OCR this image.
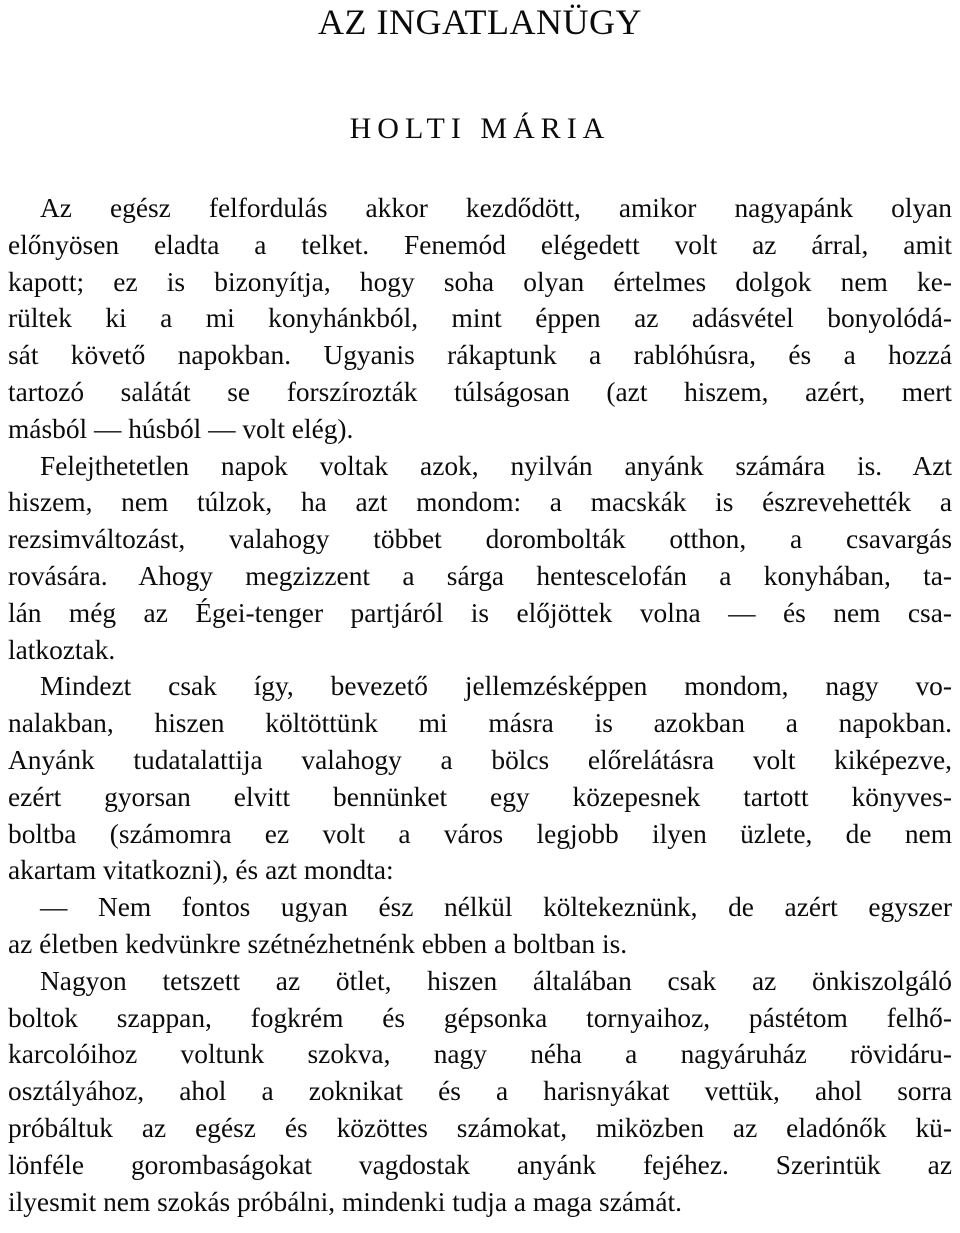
AZ INGATLANÜGY
HOLTI MÁRIA
Az egész felfordulás akkor kezdődött, amikor nagyapánk olyan
előnyösen eladta a telket. Fenemód elégedett volt az árral, amit
kapott; ez is bizonyítja, hogy soha olyan értelmes dolgok nem ke-
rültek ki a mi konyhánkból, mint éppen az adásvétel bonyolódá-
sát követő napokban. Ugyanis rákaptunk a rablóhúsra, és a hozzá
tartozó salátát se forszírozták túlságosan (azt hiszem, azért, mert
másból — húsból — volt elég).
Felejthetetlen napok voltak azok, nyilván anyánk számára is. Azt
hiszem, nem túlzok, ha azt mondom: a macskák is észrevehették a
rezsimváltozást, valahogy többet dorombolták otthon, a csavargás
rovására. Ahogy megzizzent a sárga hentescelofán a konyhában, ta-
lán még az Égei-tenger partjáról is előjöttek volna — és nem csa-
latkoztak.
Mindezt csak így, bevezető jellemzésképpen mondom, nagy vo-
nalakban, hiszen költöttünk mi másra is azokban a napokban.
Anyánk tudatalattija valahogy a bölcs előrelátásra volt kiképezve,
ezért gyorsan elvitt bennünket egy közepesnek tartott könyves-
boltba (számomra ez volt a város legjobb ilyen üzlete, de nem
akartam vitatkozni), és azt mondta:
— Nem fontos ugyan ész nélkül költekeznünk, de azért egyszer
az életben kedvünkre szétnézhetnénk ebben a boltban is.
Nagyon tetszett az ötlet, hiszen általában csak az önkiszolgáló
boltok szappan, fogkrém és gépsonka tornyaihoz, pástétom felhő-
karcolóihoz voltunk szokva, nagy néha a nagyáruház rövidáru-
osztályához, ahol a zoknikat és a harisnyákat vettük, ahol sorra
próbáltuk az egész és közöttes számokat, miközben az eladónők kü-
lönféle gorombaságokat vagdostak anyánk fejéhez. Szerintük az
ilyesmit nem szokás próbálni, mindenki tudja a maga számát.
